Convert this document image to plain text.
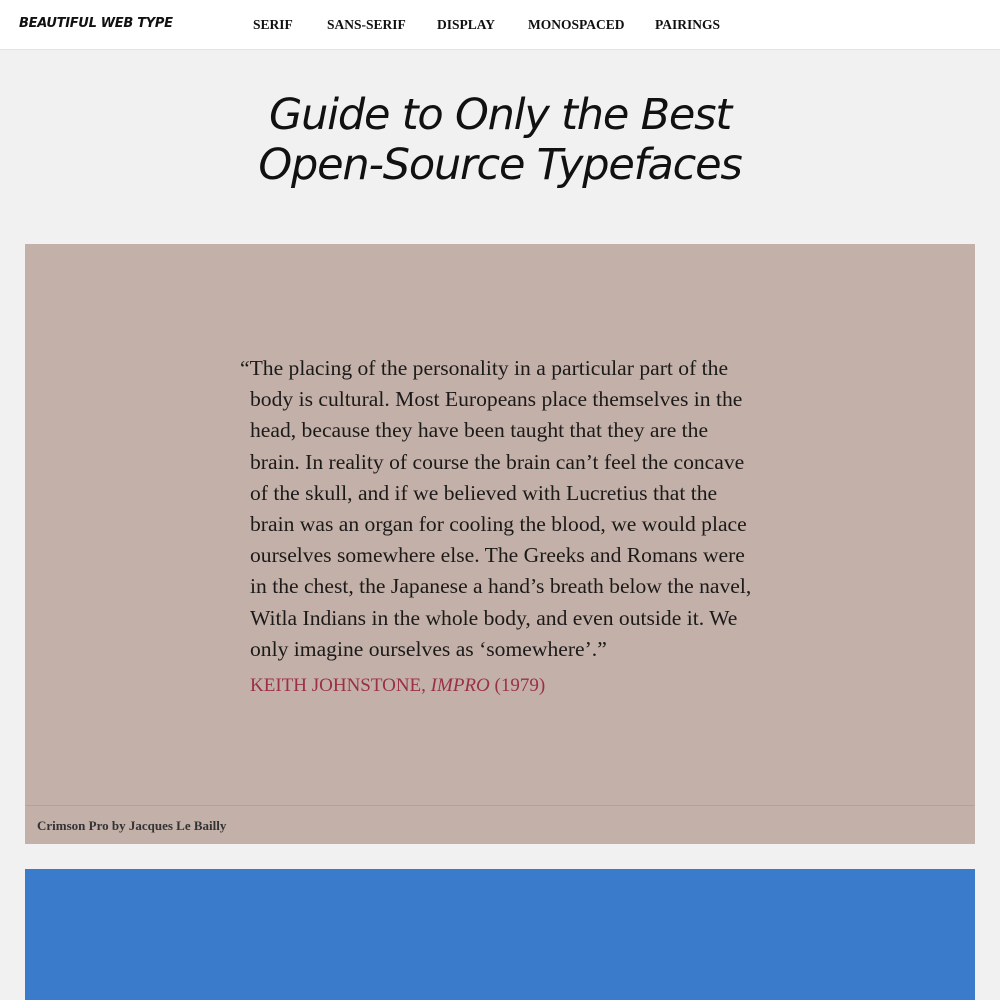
BEAUTIFUL WEB TYPE	SERIF	SANS-SERIF DISPLAY MONOSPACED PAIRINGS
Guide to Only the Best
Open-Source Typefaces

“The placing of the personality in a particular part of the body is cultural. Most Europeans place themselves in the head, because they have been taught that they are the brain. In reality of course the brain can’t feel the concave of the skull, and if we believed with Lucretius that the brain was an organ for cooling the blood, we would place ourselves somewhere else. The Greeks and Romans were in the chest, the Japanese a hand’s breath below the navel, Witla Indians in the whole body, and even outside it. We only imagine ourselves as ‘somewhere’.”

KEITH JOHNSTONE, IMPRO (1979)
Crimson Pro by Jacques Le Bailly
